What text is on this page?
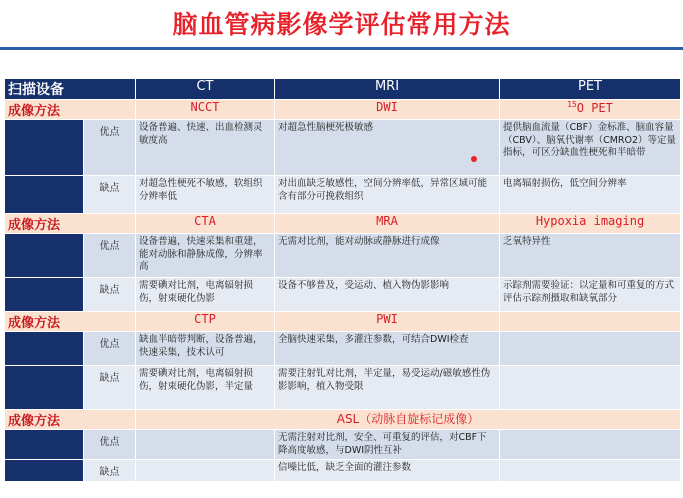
脑血管病影像学评估常用方法
扫描设备		CT	MRI	PET
成像方法		NCCT	DWI	$^{15}$O PET
	优点	设备普遍、快速、出血检测灵敏度高	对超急性脑梗死极敏感	提供脑血流量（CBF）金标准、脑血容量（CBV）、脑氧代谢率（CMRO2）等定量指标，可区分缺血性梗死和半暗带
	缺点	对超急性梗死不敏感，软组织分辨率低	对出血缺乏敏感性，空间分辨率低，异常区域可能含有部分可挽救组织	电离辐射损伤，低空间分辨率
成像方法		CTA	MRA	Hypoxia imaging
	优点	设备普遍，快速采集和重建，能对动脉和静脉成像，分辨率高	无需对比剂，能对动脉或静脉进行成像	乏氧特异性
	缺点	需要碘对比剂，电离辐射损伤，射束硬化伪影	设备不够普及，受运动、植入物伪影影响	示踪剂需要验证：以定量和可重复的方式评估示踪剂摄取和缺氧部分
成像方法		CTP	PWI	
	优点	缺血半暗带判断，设备普遍，快速采集，技术认可	全脑快速采集，多灌注参数，可结合DWI检查	
	缺点	需要碘对比剂，电离辐射损伤，射束硬化伪影，半定量	需要注射钆对比剂，半定量，易受运动/磁敏感性伪影影响，植入物受限	
成像方法		ASL（动脉自旋标记成像）		
	优点		无需注射对比剂，安全、可重复的评估，对CBF下降高度敏感，与DWI阴性互补	
	缺点		信噪比低，缺乏全面的灌注参数	
